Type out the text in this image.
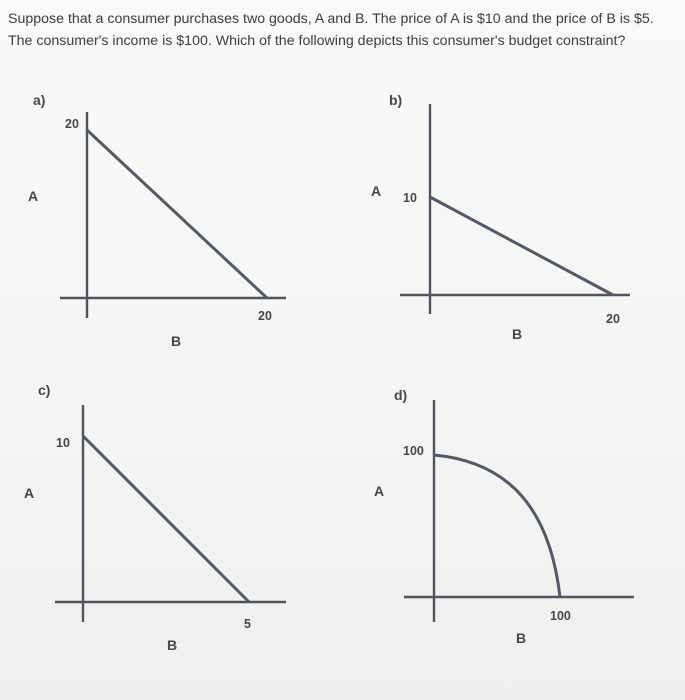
Suppose that a consumer purchases two goods, A and B. The price of A is $10 and the price of B is $5. The consumer's income is $100. Which of the following depicts this consumer's budget constraint?
a)
20
20
A
B
b)
10
20
A
B
c)
10
5
A
B
d)
100
100
A
B
